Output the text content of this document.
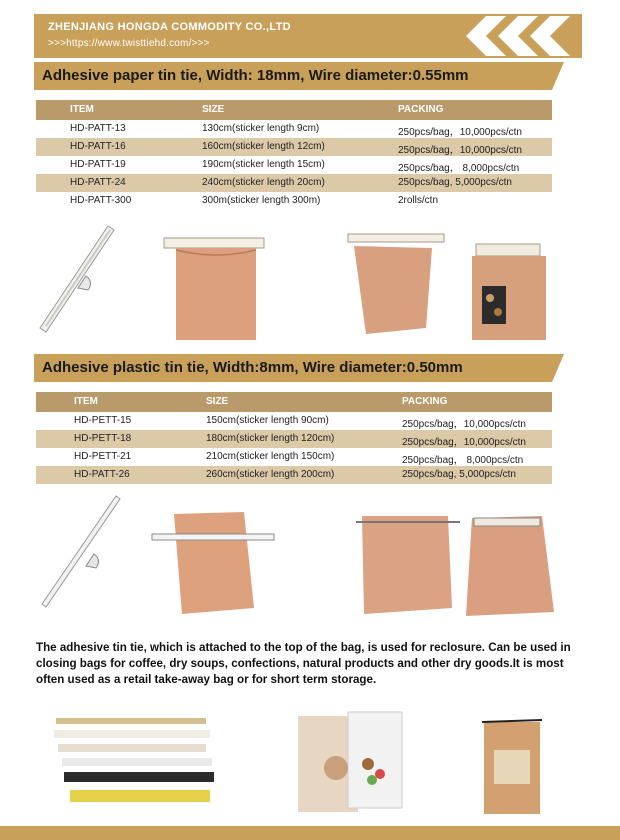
ZHENJIANG HONGDA COMMODITY CO.,LTD
>>>https://www.twisttiehd.com/>>>
Adhesive paper tin tie, Width: 18mm, Wire diameter:0.55mm
ITEM	SIZE	PACKING
HD-PATT-13	130cm(sticker length 9cm)	250pcs/bag，10,000pcs/ctn
HD-PATT-16	160cm(sticker length 12cm)	250pcs/bag，10,000pcs/ctn
HD-PATT-19	190cm(sticker length 15cm)	250pcs/bag， 8,000pcs/ctn
HD-PATT-24	240cm(sticker length 20cm)	250pcs/bag, 5,000pcs/ctn
HD-PATT-300	300m(sticker length 300m)	2rolls/ctn
Adhesive plastic tin tie, Width:8mm, Wire diameter:0.50mm
ITEM	SIZE	PACKING
HD-PETT-15	150cm(sticker length 90cm)	250pcs/bag，10,000pcs/ctn
HD-PETT-18	180cm(sticker length 120cm)	250pcs/bag，10,000pcs/ctn
HD-PETT-21	210cm(sticker length 150cm)	250pcs/bag， 8,000pcs/ctn
HD-PATT-26	260cm(sticker length 200cm)	250pcs/bag, 5,000pcs/ctn
The adhesive tin tie, which is attached to the top of the bag, is used for reclosure. Can be used in closing bags for coffee, dry soups, confections, natural products and other dry goods.It is most often used as a retail take-away bag or for short term storage.
